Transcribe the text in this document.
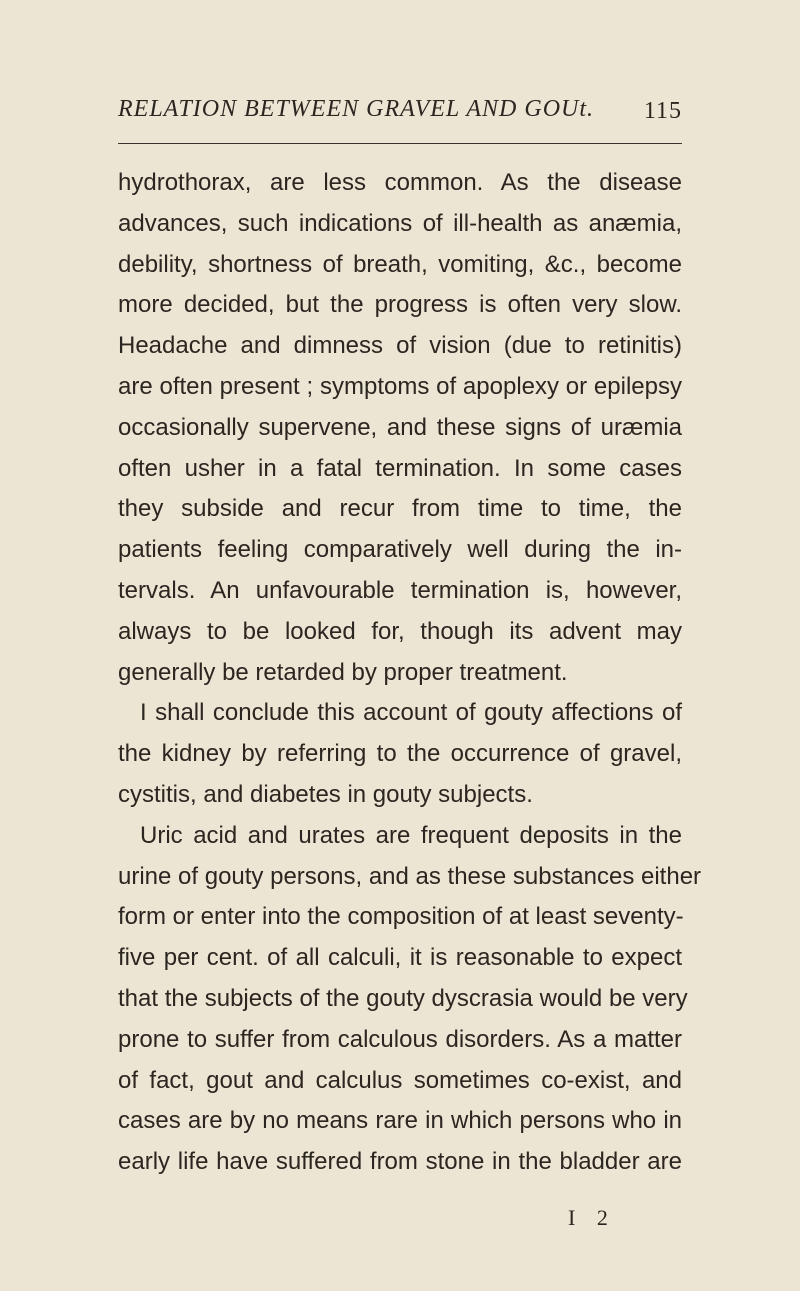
RELATION BETWEEN GRAVEL AND GOUt. 115
hydrothorax, are less common. As the disease
advances, such indications of ill-health as anæmia,
debility, shortness of breath, vomiting, &c., become
more decided, but the progress is often very slow.
Headache and dimness of vision (due to retinitis)
are often present ; symptoms of apoplexy or epilepsy
occasionally supervene, and these signs of uræmia
often usher in a fatal termination. In some cases
they subside and recur from time to time, the
patients feeling comparatively well during the in-
tervals. An unfavourable termination is, however,
always to be looked for, though its advent may
generally be retarded by proper treatment.
I shall conclude this account of gouty affections of
the kidney by referring to the occurrence of gravel,
cystitis, and diabetes in gouty subjects.
Uric acid and urates are frequent deposits in the
urine of gouty persons, and as these substances either
form or enter into the composition of at least seventy-
five per cent. of all calculi, it is reasonable to expect
that the subjects of the gouty dyscrasia would be very
prone to suffer from calculous disorders. As a matter
of fact, gout and calculus sometimes co-exist, and
cases are by no means rare in which persons who in
early life have suffered from stone in the bladder are
I 2
